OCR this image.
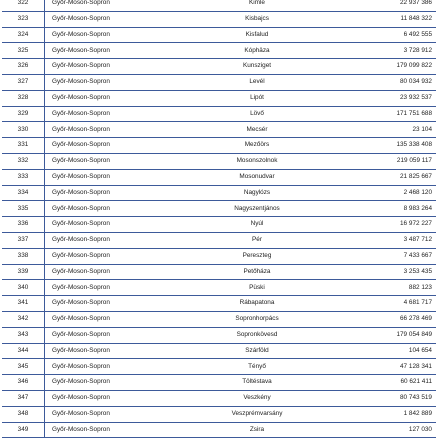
322	Győr-Moson-Sopron	Kimle	22 937 386
323	Győr-Moson-Sopron	Kisbajcs	11 848 322
324	Győr-Moson-Sopron	Kisfalud	6 492 555
325	Győr-Moson-Sopron	Kóphäza	3 728 912
326	Győr-Moson-Sopron	Kunsziget	179 099 822
327	Győr-Moson-Sopron	Levél	80 034 932
328	Győr-Moson-Sopron	Lipót	23 932 537
329	Győr-Moson-Sopron	Lövő	171 751 688
330	Győr-Moson-Sopron	Mecsér	23 104
331	Győr-Moson-Sopron	Mezőörs	135 338 408
332	Győr-Moson-Sopron	Mosonszolnok	219 059 117
333	Győr-Moson-Sopron	Mosonudvar	21 825 667
334	Győr-Moson-Sopron	Nagylózs	2 468 120
335	Győr-Moson-Sopron	Nagyszentjános	8 983 264
336	Győr-Moson-Sopron	Nyúl	16 972 227
337	Győr-Moson-Sopron	Pér	3 487 712
338	Győr-Moson-Sopron	Pereszteg	7 433 667
339	Győr-Moson-Sopron	Petőháza	3 253 435
340	Győr-Moson-Sopron	Püski	882 123
341	Győr-Moson-Sopron	Rábapatona	4 681 717
342	Győr-Moson-Sopron	Sopronhorpács	66 278 469
343	Győr-Moson-Sopron	Sopronkövesd	179 054 849
344	Győr-Moson-Sopron	Szárföld	104 654
345	Győr-Moson-Sopron	Tényő	47 128 341
346	Győr-Moson-Sopron	Töltéstava	60 621 411
347	Győr-Moson-Sopron	Veszkény	80 743 519
348	Győr-Moson-Sopron	Veszprémvarsány	1 842 889
349	Győr-Moson-Sopron	Zsira	127 030
